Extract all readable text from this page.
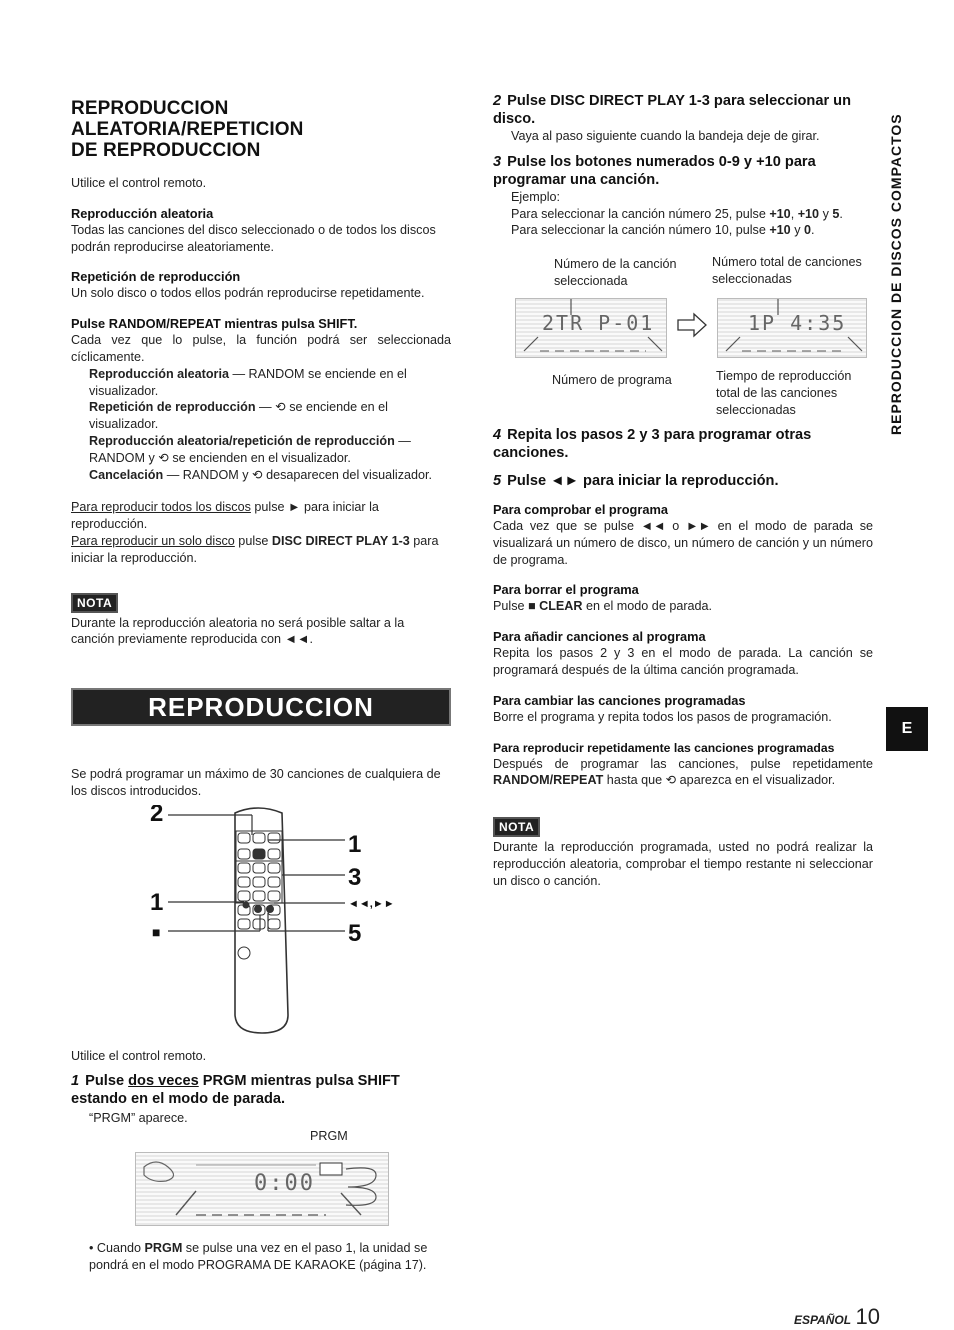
REPRODUCCION ALEATORIA/REPETICION
DE REPRODUCCION

Utilice el control remoto.

Reproducción aleatoria

Todas las canciones del disco seleccionado o de todos los discos podrán reproducirse aleatoriamente.

Repetición de reproducción

Un solo disco o todos ellos podrán reproducirse repetidamente.

Pulse RANDOM/REPEAT mientras pulsa SHIFT.

Cada vez que lo pulse, la función podrá ser seleccionada cíclicamente.

Reproducción aleatoria — RANDOM se enciende en el visualizador.

Repetición de reproducción — ⟲ se enciende en el visualizador.

Reproducción aleatoria/repetición de reproducción — RANDOM y ⟲ se encienden en el visualizador.

Cancelación — RANDOM y ⟲ desaparecen del visualizador.

Para reproducir todos los discos pulse ► para iniciar la reproducción.

Para reproducir un solo disco pulse DISC DIRECT PLAY 1-3 para iniciar la reproducción.

NOTA

Durante la reproducción aleatoria no será posible saltar a la canción previamente reproducida con ◄◄.

REPRODUCCION PROGRAMADA

Se podrá programar un máximo de 30 canciones de cualquiera de los discos introducidos.

2
1
■
1
3
◄◄,►►
5

Utilice el control remoto.

1 Pulse dos veces PRGM mientras pulsa SHIFT estando en el modo de parada.

“PRGM” aparece.

PRGM
0:00

• Cuando PRGM se pulse una vez en el paso 1, la unidad se pondrá en el modo PROGRAMA DE KARAOKE (página 17).

2 Pulse DISC DIRECT PLAY 1-3 para seleccionar un disco.

Vaya al paso siguiente cuando la bandeja deje de girar.

3 Pulse los botones numerados 0-9 y +10 para programar una canción.

Ejemplo:

Para seleccionar la canción número 25, pulse +10, +10 y 5.

Para seleccionar la canción número 10, pulse +10 y 0.

Número de la canción seleccionada
Número total de canciones seleccionadas
2TR P-01	1P 4:35
Número de programa	Tiempo de reproducción total de las canciones seleccionadas
4 Repita los pasos 2 y 3 para programar otras canciones.
5 Pulse ◄► para iniciar la reproducción.
Para comprobar el programa

Cada vez que se pulse ◄◄ o ►► en el modo de parada se visualizará un número de disco, un número de canción y un número de programa.

Para borrar el programa

Pulse ■ CLEAR en el modo de parada.

Para añadir canciones al programa

Repita los pasos 2 y 3 en el modo de parada. La canción se programará después de la última canción programada.

Para cambiar las canciones programadas

Borre el programa y repita todos los pasos de programación.

Para reproducir repetidamente las canciones programadas

Después de programar las canciones, pulse repetidamente RANDOM/REPEAT hasta que ⟲ aparezca en el visualizador.

NOTA

Durante la reproducción programada, usted no podrá realizar la reproducción aleatoria, comprobar el tiempo restante ni seleccionar un disco o canción.

REPRODUCCION DE DISCOS COMPACTOS
E
ESPAÑOL 10
